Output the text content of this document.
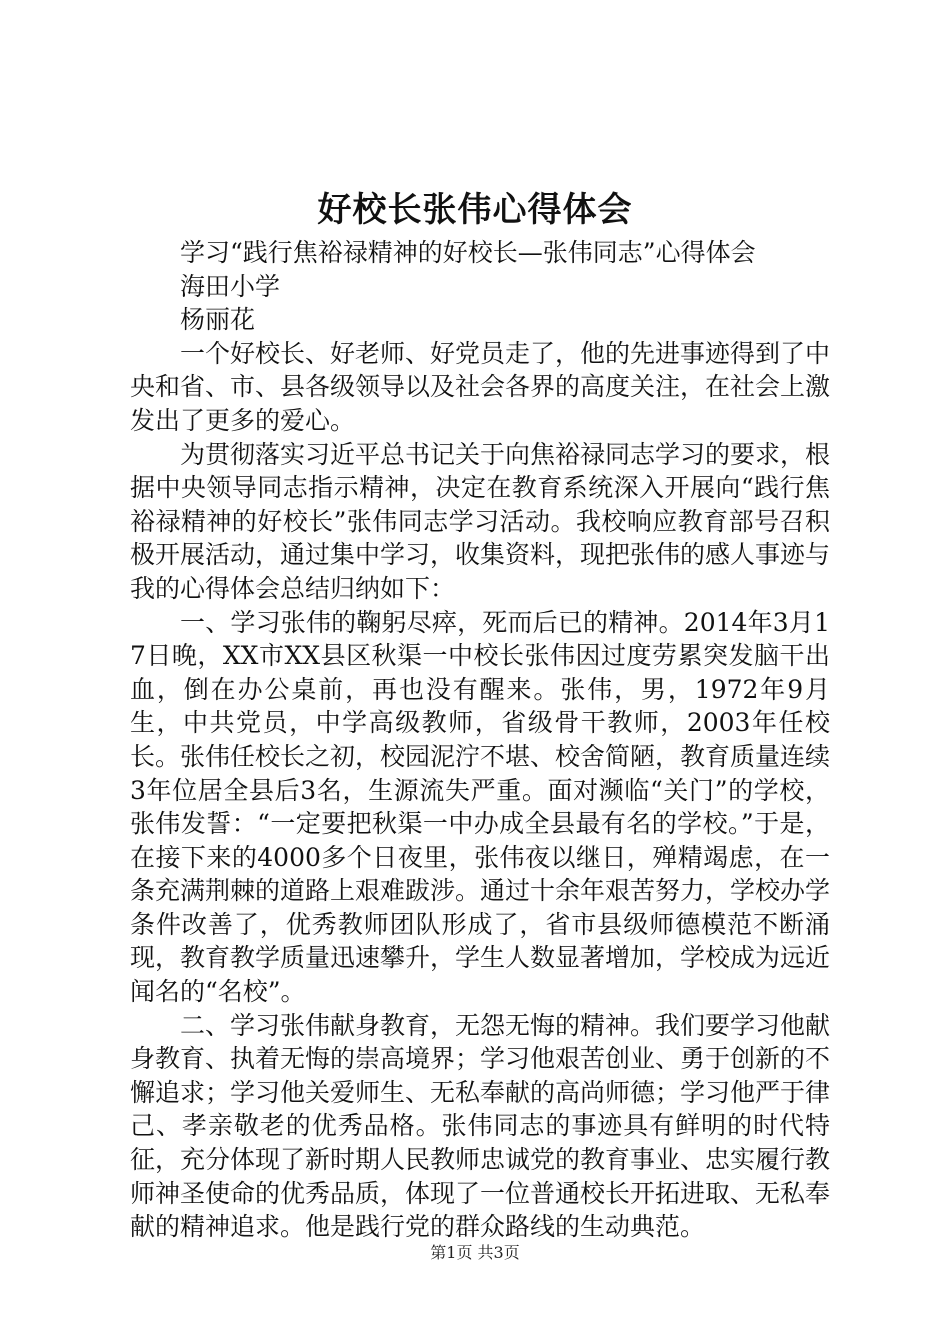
好校长张伟心得体会

学习“践行焦裕禄精神的好校长—张伟同志”心得体会

海田小学

杨丽花

一个好校长、好老师、好党员走了，他的先进事迹得到了中央和省、市、县各级领导以及社会各界的高度关注，在社会上激发出了更多的爱心。

为贯彻落实习近平总书记关于向焦裕禄同志学习的要求，根据中央领导同志指示精神，决定在教育系统深入开展向“践行焦裕禄精神的好校长”张伟同志学习活动。我校响应教育部号召积极开展活动，通过集中学习，收集资料，现把张伟的感人事迹与我的心得体会总结归纳如下：

一、学习张伟的鞠躬尽瘁，死而后已的精神。2014年3月17日晚，XX市XX县区秋渠一中校长张伟因过度劳累突发脑干出血，倒在办公桌前，再也没有醒来。张伟，男，1972年9月生，中共党员，中学高级教师，省级骨干教师，2003年任校长。张伟任校长之初，校园泥泞不堪、校舍简陋，教育质量连续3年位居全县后3名，生源流失严重。面对濒临“关门”的学校，张伟发誓：“一定要把秋渠一中办成全县最有名的学校。”于是，在接下来的4000多个日夜里，张伟夜以继日，殚精竭虑，在一条充满荆棘的道路上艰难跋涉。通过十余年艰苦努力，学校办学条件改善了，优秀教师团队形成了，省市县级师德模范不断涌现，教育教学质量迅速攀升，学生人数显著增加，学校成为远近闻名的“名校”。

二、学习张伟献身教育，无怨无悔的精神。我们要学习他献身教育、执着无悔的崇高境界；学习他艰苦创业、勇于创新的不懈追求；学习他关爱师生、无私奉献的高尚师德；学习他严于律己、孝亲敬老的优秀品格。张伟同志的事迹具有鲜明的时代特征，充分体现了新时期人民教师忠诚党的教育事业、忠实履行教师神圣使命的优秀品质，体现了一位普通校长开拓进取、无私奉献的精神追求。他是践行党的群众路线的生动典范。

第1页 共3页
